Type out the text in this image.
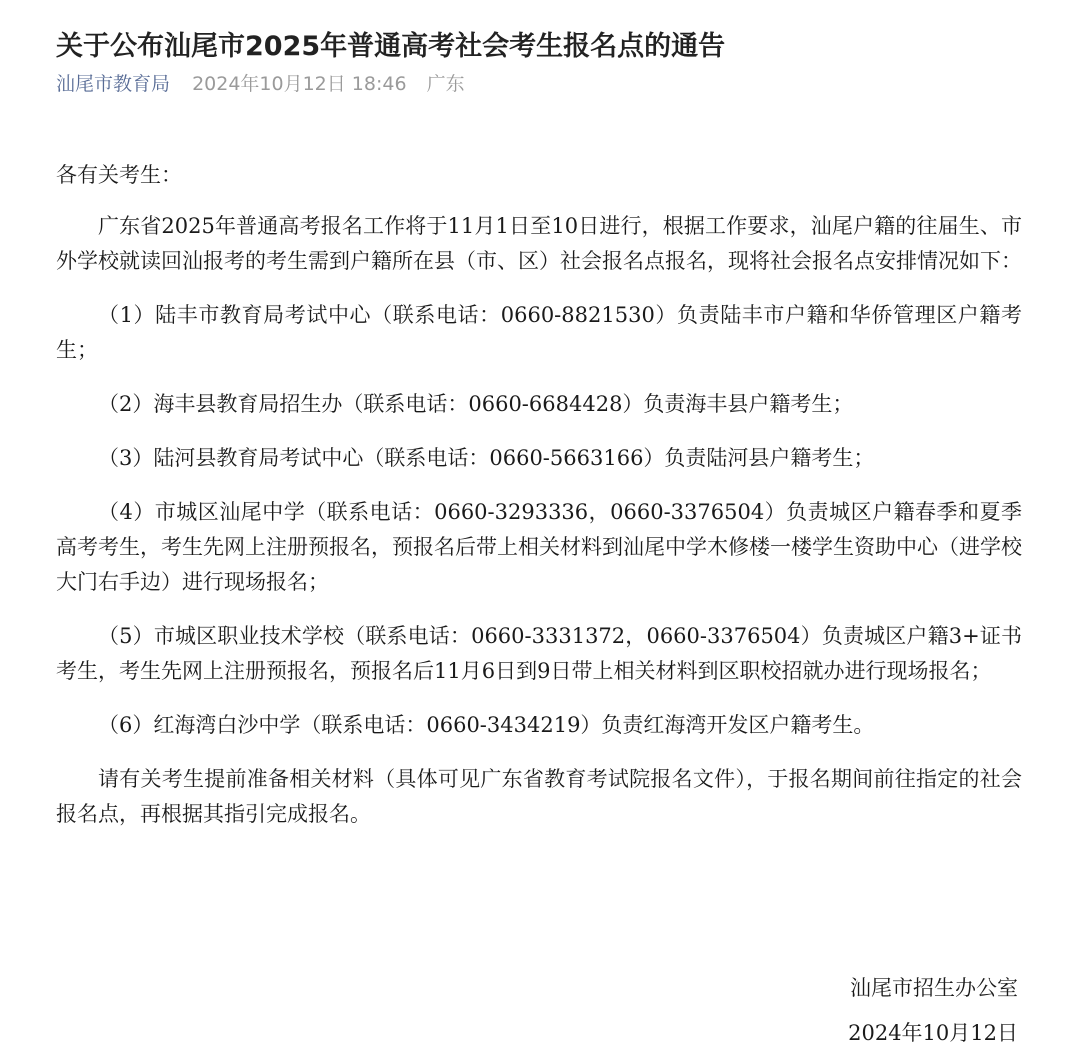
关于公布汕尾市2025年普通高考社会考生报名点的通告
汕尾市教育局 2024年10月12日 18:46 广东

各有关考生：

广东省2025年普通高考报名工作将于11月1日至10日进行，根据工作要求，汕尾户籍的往届生、市外学校就读回汕报考的考生需到户籍所在县（市、区）社会报名点报名，现将社会报名点安排情况如下：

（1）陆丰市教育局考试中心（联系电话：0660-8821530）负责陆丰市户籍和华侨管理区户籍考生；

（2）海丰县教育局招生办（联系电话：0660-6684428）负责海丰县户籍考生；

（3）陆河县教育局考试中心（联系电话：0660-5663166）负责陆河县户籍考生；

（4）市城区汕尾中学（联系电话：0660-3293336，0660-3376504）负责城区户籍春季和夏季高考考生，考生先网上注册预报名，预报名后带上相关材料到汕尾中学木修楼一楼学生资助中心（进学校大门右手边）进行现场报名；

（5）市城区职业技术学校（联系电话：0660-3331372，0660-3376504）负责城区户籍3+证书考生，考生先网上注册预报名，预报名后11月6日到9日带上相关材料到区职校招就办进行现场报名；

（6）红海湾白沙中学（联系电话：0660-3434219）负责红海湾开发区户籍考生。

请有关考生提前准备相关材料（具体可见广东省教育考试院报名文件），于报名期间前往指定的社会报名点，再根据其指引完成报名。

汕尾市招生办公室
2024年10月12日
